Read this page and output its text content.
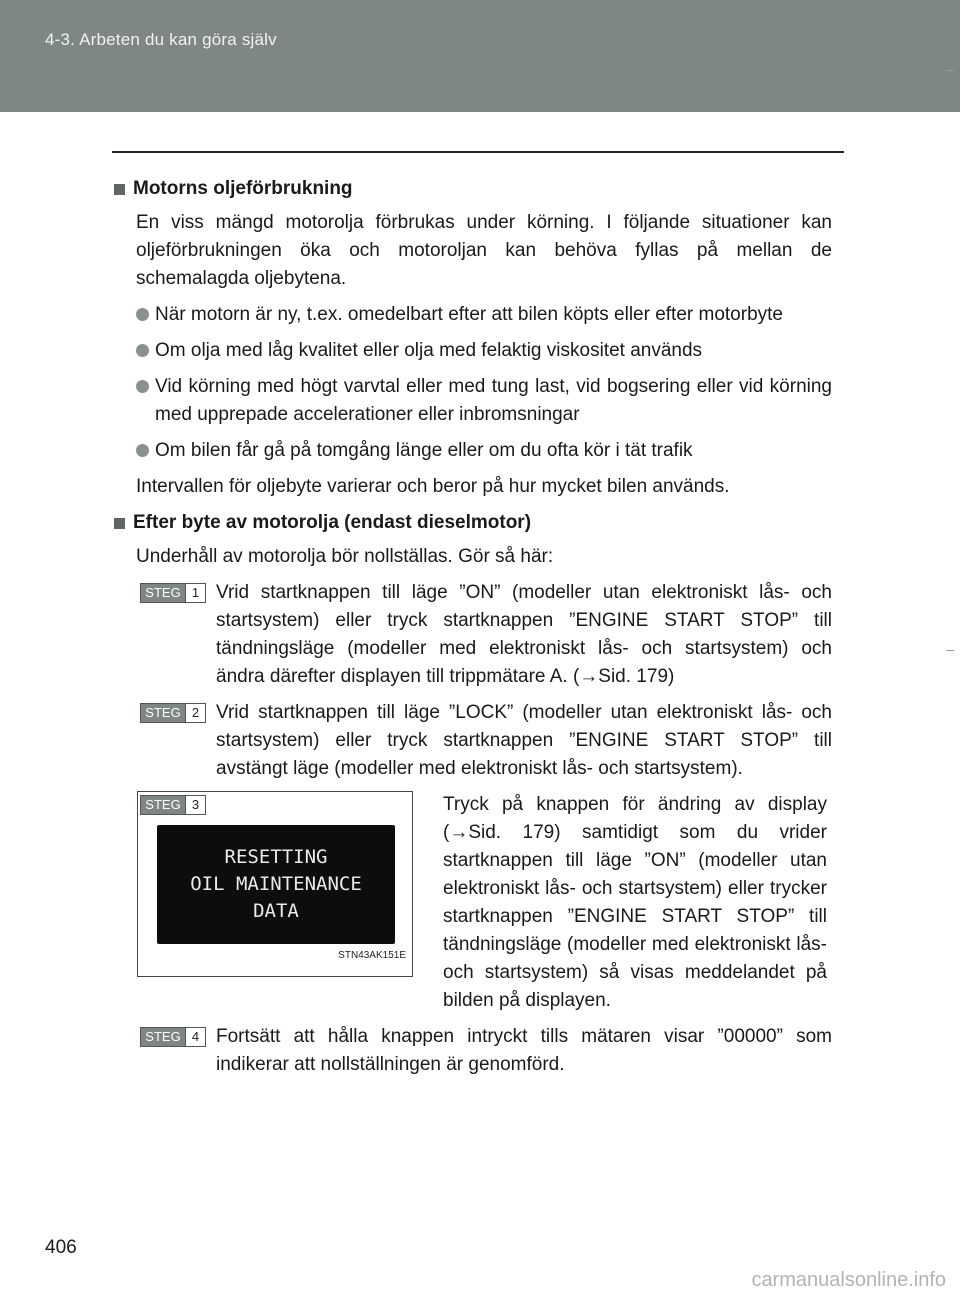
4-3. Arbeten du kan göra själv
Motorns oljeförbrukning
En viss mängd motorolja förbrukas under körning. I följande situationer kan oljeförbrukningen öka och motoroljan kan behöva fyllas på mellan de schemalagda oljebytena.
När motorn är ny, t.ex. omedelbart efter att bilen köpts eller efter motorbyte
Om olja med låg kvalitet eller olja med felaktig viskositet används
Vid körning med högt varvtal eller med tung last, vid bogsering eller vid körning med upprepade accelerationer eller inbromsningar
Om bilen får gå på tomgång länge eller om du ofta kör i tät trafik
Intervallen för oljebyte varierar och beror på hur mycket bilen används.
Efter byte av motorolja (endast dieselmotor)
Underhåll av motorolja bör nollställas. Gör så här:
STEG 1 Vrid startknappen till läge ”ON” (modeller utan elektroniskt lås- och startsystem) eller tryck startknappen ”ENGINE START STOP” till tändningsläge (modeller med elektroniskt lås- och startsystem) och ändra därefter displayen till trippmätare A. (→Sid. 179)
STEG 2 Vrid startknappen till läge ”LOCK” (modeller utan elektroniskt lås- och startsystem) eller tryck startknappen ”ENGINE START STOP” till avstängt läge (modeller med elektroniskt lås- och startsystem).
STEG 3
RESETTING
OIL MAINTENANCE
DATA
STN43AK151E
Tryck på knappen för ändring av display (→Sid. 179) samtidigt som du vrider startknappen till läge ”ON” (modeller utan elektroniskt lås- och startsystem) eller trycker startknappen ”ENGINE START STOP” till tändningsläge (modeller med elektroniskt lås- och startsystem) så visas meddelandet på bilden på displayen.
STEG 4 Fortsätt att hålla knappen intryckt tills mätaren visar ”00000” som indikerar att nollställningen är genomförd.
406
carmanualsonline.info
